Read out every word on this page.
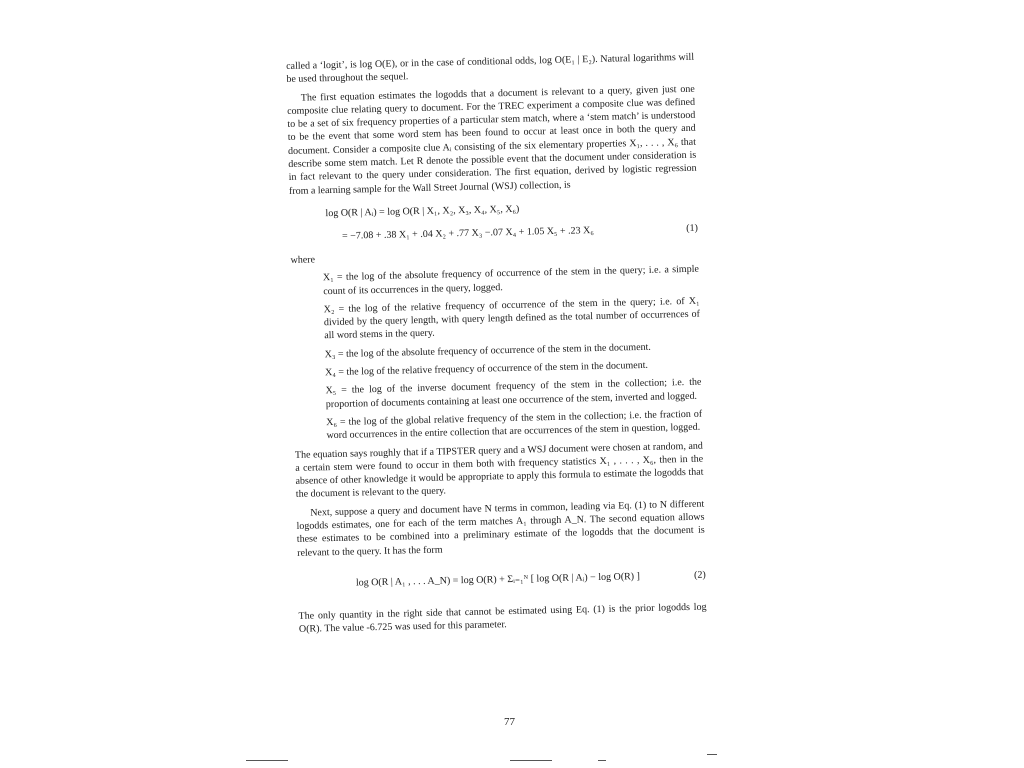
called a ‘logit’, is log O(E), or in the case of conditional odds, log O(E₁ | E₂). Natural logarithms will be used throughout the sequel.

The first equation estimates the logodds that a document is relevant to a query, given just one composite clue relating query to document. For the TREC experiment a composite clue was defined to be a set of six frequency properties of a particular stem match, where a ‘stem match’ is understood to be the event that some word stem has been found to occur at least once in both the query and document. Consider a composite clue Aᵢ consisting of the six elementary properties X₁, . . . , X₆ that describe some stem match. Let R denote the possible event that the document under consideration is in fact relevant to the query under consideration. The first equation, derived by logistic regression from a learning sample for the Wall Street Journal (WSJ) collection, is

log O(R | Aᵢ) = log O(R | X₁, X₂, X₃, X₄, X₅, X₆)
= −7.08 + .38 X₁ + .04 X₂ + .77 X₃ −.07 X₄ + 1.05 X₅ + .23 X₆	(1)

where

X₁ = the log of the absolute frequency of occurrence of the stem in the query; i.e. a simple count of its occurrences in the query, logged.
X₂ = the log of the relative frequency of occurrence of the stem in the query; i.e. of X₁ divided by the query length, with query length defined as the total number of occurrences of all word stems in the query.
X₃ = the log of the absolute frequency of occurrence of the stem in the document.
X₄ = the log of the relative frequency of occurrence of the stem in the document.
X₅ = the log of the inverse document frequency of the stem in the collection; i.e. the proportion of documents containing at least one occurrence of the stem, inverted and logged.
X₆ = the log of the global relative frequency of the stem in the collection; i.e. the fraction of word occurrences in the entire collection that are occurrences of the stem in question, logged.

The equation says roughly that if a TIPSTER query and a WSJ document were chosen at random, and a certain stem were found to occur in them both with frequency statistics X₁ , . . . , X₆, then in the absence of other knowledge it would be appropriate to apply this formula to estimate the logodds that the document is relevant to the query.

Next, suppose a query and document have N terms in common, leading via Eq. (1) to N different logodds estimates, one for each of the term matches A₁ through A_N. The second equation allows these estimates to be combined into a preliminary estimate of the logodds that the document is relevant to the query. It has the form

log O(R | A₁ , . . . A_N) = log O(R) + Σᵢ₌₁ᴺ [ log O(R | Aᵢ) − log O(R) ]	(2)

The only quantity in the right side that cannot be estimated using Eq. (1) is the prior logodds log O(R). The value -6.725 was used for this parameter.

77
